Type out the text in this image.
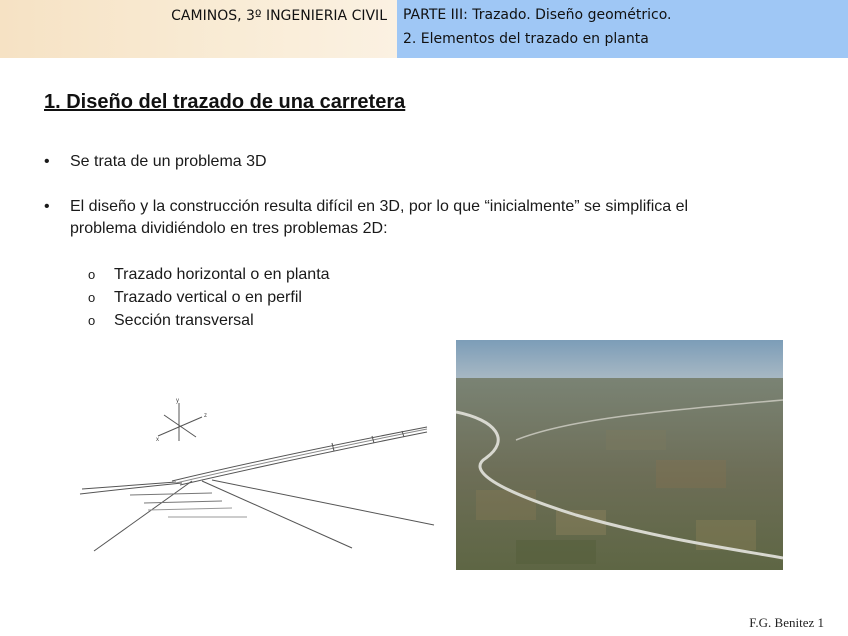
CAMINOS, 3º INGENIERIA CIVIL PARTE III: Trazado. Diseño geométrico.
2. Elementos del trazado en planta
1. Diseño del trazado de una carretera
• Se trata de un problema 3D
• El diseño y la construcción resulta difícil en 3D, por lo que “inicialmente” se simplifica el problema dividiéndolo en tres problemas 2D:
o Trazado horizontal o en planta
o Trazado vertical o en perfil
o Sección transversal
y
z
x
F.G. Benitez 1
